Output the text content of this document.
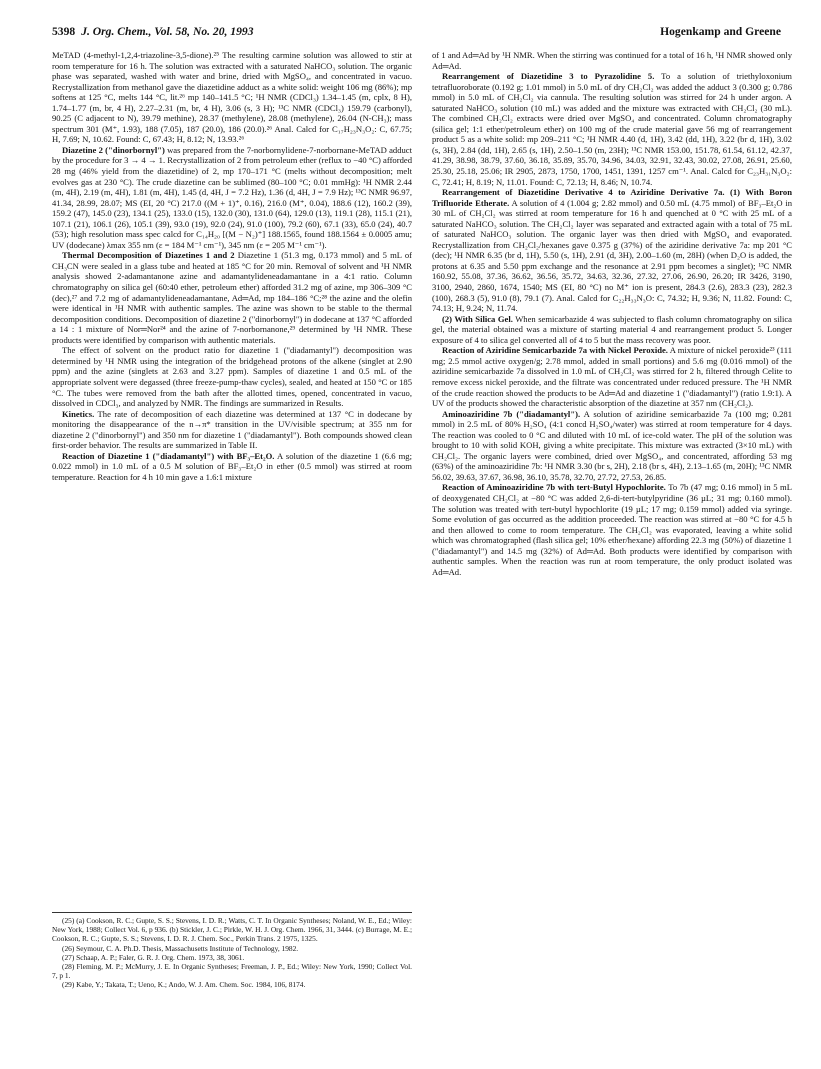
5398 J. Org. Chem., Vol. 58, No. 20, 1993	Hogenkamp and Greene

MeTAD (4-methyl-1,2,4-triazoline-3,5-dione).²⁵ The resulting carmine solution was allowed to stir at room temperature for 16 h. The solution was extracted with a saturated NaHCO₃ solution. The organic phase was separated, washed with water and brine, dried with MgSO₄, and concentrated in vacuo. Recrystallization from methanol gave the diazetidine adduct as a white solid: weight 106 mg (86%); mp softens at 125 °C, melts 144 °C, lit.²⁶ mp 140–141.5 °C; ¹H NMR (CDCl₃) 1.34–1.45 (m, cplx, 8 H), 1.74–1.77 (m, br, 4 H), 2.27–2.31 (m, br, 4 H), 3.06 (s, 3 H); ¹³C NMR (CDCl₃) 159.79 (carbonyl), 90.25 (C adjacent to N), 39.79 methine), 28.37 (methylene), 28.08 (methylene), 26.04 (N-CH₃); mass spectrum 301 (M⁺, 1.93), 188 (7.05), 187 (20.0), 186 (20.0).²⁶ Anal. Calcd for C₁₇H₂₃N₃O₂: C, 67.75; H, 7.69; N, 10.62. Found: C, 67.43; H, 8.12; N, 13.93.²⁶

Diazetine 2 ("dinorbornyl") was prepared from the 7-norbornylidene-7-norbornane-MeTAD adduct by the procedure for 3 → 4 → 1. Recrystallization of 2 from petroleum ether (reflux to −40 °C) afforded 28 mg (46% yield from the diazetidine) of 2, mp 170–171 °C (melts without decomposition; melt evolves gas at 230 °C). The crude diazetine can be sublimed (80–100 °C; 0.01 mmHg): ¹H NMR 2.44 (m, 4H), 2.19 (m, 4H), 1.81 (m, 4H), 1.45 (d, 4H, J = 7.2 Hz), 1.36 (d, 4H, J = 7.9 Hz); ¹³C NMR 96.97, 41.34, 28.99, 28.07; MS (EI, 20 °C) 217.0 ((M + 1)⁺, 0.16), 216.0 (M⁺, 0.04), 188.6 (12), 160.2 (39), 159.2 (47), 145.0 (23), 134.1 (25), 133.0 (15), 132.0 (30), 131.0 (64), 129.0 (13), 119.1 (28), 115.1 (21), 107.1 (21), 106.1 (26), 105.1 (39), 93.0 (19), 92.0 (24), 91.0 (100), 79.2 (60), 67.1 (33), 65.0 (24), 40.7 (53); high resolution mass spec calcd for C₁₄H₂₀ [(M − N₂)⁺] 188.1565, found 188.1564 ± 0.0005 amu; UV (dodecane) λmax 355 nm (ε = 184 M⁻¹ cm⁻¹), 345 nm (ε = 205 M⁻¹ cm⁻¹).

Thermal Decomposition of Diazetines 1 and 2 Diazetine 1 (51.3 mg, 0.173 mmol) and 5 mL of CH₃CN were sealed in a glass tube and heated at 185 °C for 20 min. Removal of solvent and ¹H NMR analysis showed 2-adamantanone azine and adamantylideneadamantane in a 4:1 ratio. Column chromatography on silica gel (60:40 ether, petroleum ether) afforded 31.2 mg of azine, mp 306–309 °C (dec),²⁷ and 7.2 mg of adamantylideneadamantane, Ad═Ad, mp 184–186 °C;²⁸ the azine and the olefin were identical in ¹H NMR with authentic samples. The azine was shown to be stable to the thermal decomposition conditions. Decomposition of diazetine 2 ("dinorbornyl") in dodecane at 137 °C afforded a 14 : 1 mixture of Nor═Nor²⁴ and the azine of 7-norbornanone,²⁹ determined by ¹H NMR. These products were identified by comparison with authentic materials.

The effect of solvent on the product ratio for diazetine 1 ("diadamantyl") decomposition was determined by ¹H NMR using the integration of the bridgehead protons of the alkene (singlet at 2.90 ppm) and the azine (singlets at 2.63 and 3.27 ppm). Samples of diazetine 1 and 0.5 mL of the appropriate solvent were degassed (three freeze-pump-thaw cycles), sealed, and heated at 150 °C or 185 °C. The tubes were removed from the bath after the allotted times, opened, concentrated in vacuo, dissolved in CDCl₃, and analyzed by NMR. The findings are summarized in Results.

Kinetics. The rate of decomposition of each diazetine was determined at 137 °C in dodecane by monitoring the disappearance of the n→π* transition in the UV/visible spectrum; at 355 nm for diazetine 2 ("dinorbornyl") and 350 nm for diazetine 1 ("diadamantyl"). Both compounds showed clean first-order behavior. The results are summarized in Table II.

Reaction of Diazetine 1 ("diadamantyl") with BF₃–Et₂O. A solution of the diazetine 1 (6.6 mg; 0.022 mmol) in 1.0 mL of a 0.5 M solution of BF₃–Et₂O in ether (0.5 mmol) was stirred at room temperature. Reaction for 4 h 10 min gave a 1.6:1 mixture

(25) (a) Cookson, R. C.; Gupte, S. S.; Stevens, I. D. R.; Watts, C. T. In Organic Syntheses; Noland, W. E., Ed.; Wiley: New York, 1988; Collect Vol. 6, p 936. (b) Stickler, J. C.; Pirkle, W. H. J. Org. Chem. 1966, 31, 3444. (c) Burrage, M. E.; Cookson, R. C.; Gupte, S. S.; Stevens, I. D. R. J. Chem. Soc., Perkin Trans. 2 1975, 1325.

(26) Seymour, C. A. Ph.D. Thesis, Massachusetts Institute of Technology, 1982.

(27) Schaap, A. P.; Faler, G. R. J. Org. Chem. 1973, 38, 3061.

(28) Fleming, M. P.; McMurry, J. E. In Organic Syntheses; Freeman, J. P., Ed.; Wiley: New York, 1990; Collect Vol. 7, p 1.

(29) Kabe, Y.; Takata, T.; Ueno, K.; Ando, W. J. Am. Chem. Soc. 1984, 106, 8174.

of 1 and Ad═Ad by ¹H NMR. When the stirring was continued for a total of 16 h, ¹H NMR showed only Ad═Ad.

Rearrangement of Diazetidine 3 to Pyrazolidine 5. To a solution of triethyloxonium tetrafluoroborate (0.192 g; 1.01 mmol) in 5.0 mL of dry CH₂Cl₂ was added the adduct 3 (0.300 g; 0.786 mmol) in 5.0 mL of CH₂Cl₂ via cannula. The resulting solution was stirred for 24 h under argon. A saturated NaHCO₃ solution (10 mL) was added and the mixture was extracted with CH₂Cl₂ (30 mL). The combined CH₂Cl₂ extracts were dried over MgSO₄ and concentrated. Column chromatography (silica gel; 1:1 ether/petroleum ether) on 100 mg of the crude material gave 56 mg of rearrangement product 5 as a white solid: mp 209–211 °C; ¹H NMR 4.40 (d, 1H), 3.42 (dd, 1H), 3.22 (br d, 1H), 3.02 (s, 3H), 2.84 (dd, 1H), 2.65 (s, 1H), 2.50–1.50 (m, 23H); ¹³C NMR 153.00, 151.78, 61.54, 61.12, 42.37, 41.29, 38.98, 38.79, 37.60, 36.18, 35.89, 35.70, 34.96, 34.03, 32.91, 32.43, 30.02, 27.08, 26.91, 25.60, 25.30, 25.18, 25.06; IR 2905, 2873, 1750, 1700, 1451, 1391, 1257 cm⁻¹. Anal. Calcd for C₂₃H₃₁N₃O₂: C, 72.41; H, 8.19; N, 11.01. Found: C, 72.13; H, 8.46; N, 10.74.

Rearrangement of Diazetidine Derivative 4 to Aziridine Derivative 7a. (1) With Boron Trifluoride Etherate. A solution of 4 (1.004 g; 2.82 mmol) and 0.50 mL (4.75 mmol) of BF₃–Et₂O in 30 mL of CH₂Cl₂ was stirred at room temperature for 16 h and quenched at 0 °C with 25 mL of a saturated NaHCO₃ solution. The CH₂Cl₂ layer was separated and extracted again with a total of 75 mL of saturated NaHCO₃ solution. The organic layer was then dried with MgSO₄ and evaporated. Recrystallization from CH₂Cl₂/hexanes gave 0.375 g (37%) of the aziridine derivative 7a: mp 201 °C (dec); ¹H NMR 6.35 (br d, 1H), 5.50 (s, 1H), 2.91 (d, 3H), 2.00–1.60 (m, 28H) (when D₂O is added, the protons at 6.35 and 5.50 ppm exchange and the resonance at 2.91 ppm becomes a singlet); ¹³C NMR 160.92, 55.08, 37.36, 36.62, 36.56, 35.72, 34.63, 32.36, 27.32, 27.06, 26.90, 26.20; IR 3426, 3190, 3100, 2940, 2860, 1674, 1540; MS (EI, 80 °C) no M⁺ ion is present, 284.3 (2.6), 283.3 (23), 282.3 (100), 268.3 (5), 91.0 (8), 79.1 (7). Anal. Calcd for C₂₂H₃₃N₃O: C, 74.32; H, 9.36; N, 11.82. Found: C, 74.13; H, 9.24; N, 11.74.

(2) With Silica Gel. When semicarbazide 4 was subjected to flash column chromatography on silica gel, the material obtained was a mixture of starting material 4 and rearrangement product 5. Longer exposure of 4 to silica gel converted all of 4 to 5 but the mass recovery was poor.

Reaction of Aziridine Semicarbazide 7a with Nickel Peroxide. A mixture of nickel peroxide²³ (111 mg; 2.5 mmol active oxygen/g; 2.78 mmol, added in small portions) and 5.6 mg (0.016 mmol) of the aziridine semicarbazide 7a dissolved in 1.0 mL of CH₂Cl₂ was stirred for 2 h, filtered through Celite to remove excess nickel peroxide, and the filtrate was concentrated under reduced pressure. The ¹H NMR of the crude reaction showed the products to be Ad═Ad and diazetine 1 ("diadamantyl") (ratio 1.9:1). A UV of the products showed the characteristic absorption of the diazetine at 357 nm (CH₂Cl₂).

Aminoaziridine 7b ("diadamantyl"). A solution of aziridine semicarbazide 7a (100 mg; 0.281 mmol) in 2.5 mL of 80% H₂SO₄ (4:1 concd H₂SO₄/water) was stirred at room temperature for 4 days. The reaction was cooled to 0 °C and diluted with 10 mL of ice-cold water. The pH of the solution was brought to 10 with solid KOH, giving a white precipitate. This mixture was extracted (3×10 mL) with CH₂Cl₂. The organic layers were combined, dried over MgSO₄, and concentrated, affording 53 mg (63%) of the aminoaziridine 7b: ¹H NMR 3.30 (br s, 2H), 2.18 (br s, 4H), 2.13–1.65 (m, 20H); ¹³C NMR 56.02, 39.63, 37.67, 36.98, 36.10, 35.78, 32.70, 27.72, 27.53, 26.85.

Reaction of Aminoaziridine 7b with tert-Butyl Hypochlorite. To 7b (47 mg; 0.16 mmol) in 5 mL of deoxygenated CH₂Cl₂ at −80 °C was added 2,6-di-tert-butylpyridine (36 µL; 31 mg; 0.160 mmol). The solution was treated with tert-butyl hypochlorite (19 µL; 17 mg; 0.159 mmol) added via syringe. Some evolution of gas occurred as the addition proceeded. The reaction was stirred at −80 °C for 4.5 h and then allowed to come to room temperature. The CH₂Cl₂ was evaporated, leaving a white solid which was chromatographed (flash silica gel; 10% ether/hexane) affording 22.3 mg (50%) of diazetine 1 ("diadamantyl") and 14.5 mg (32%) of Ad═Ad. Both products were identified by comparison with authentic samples. When the reaction was run at room temperature, the only product isolated was Ad═Ad.
